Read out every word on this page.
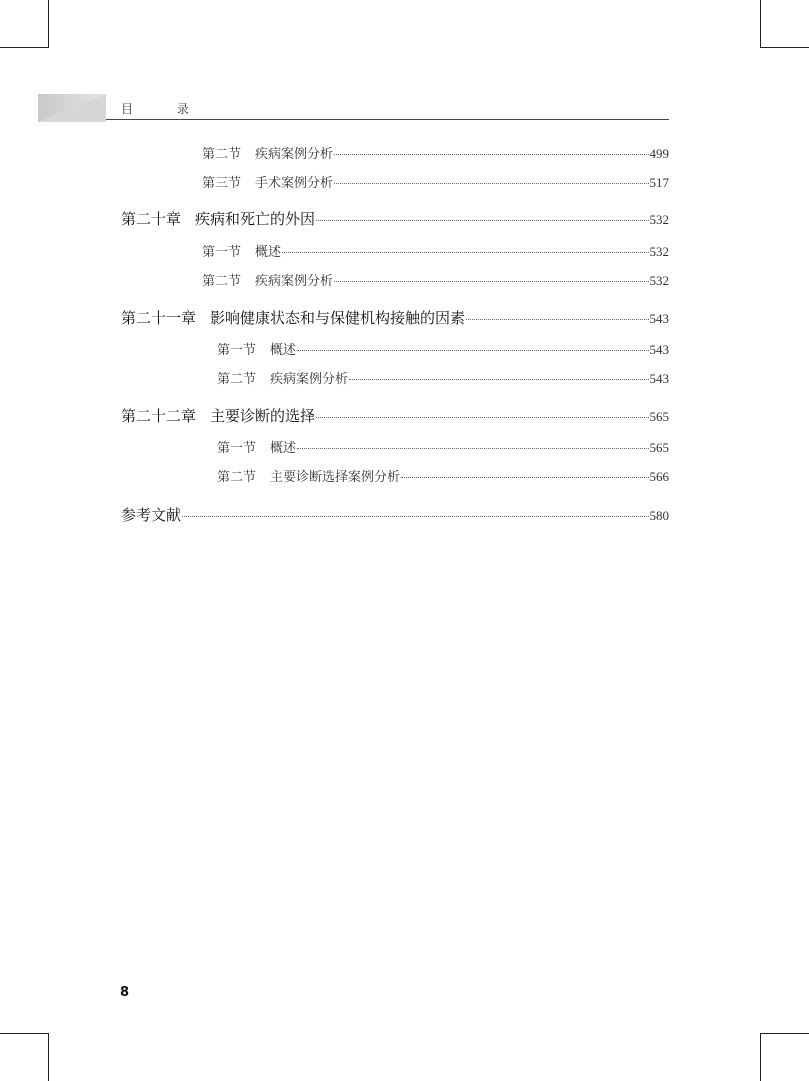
目 录
第二节 疾病案例分析	499
第三节 手术案例分析	517
第二十章 疾病和死亡的外因	532
第一节 概述	532
第二节 疾病案例分析	532
第二十一章 影响健康状态和与保健机构接触的因素	543
第一节 概述	543
第二节 疾病案例分析	543
第二十二章 主要诊断的选择	565
第一节 概述	565
第二节 主要诊断选择案例分析	566
参考文献	580
8
